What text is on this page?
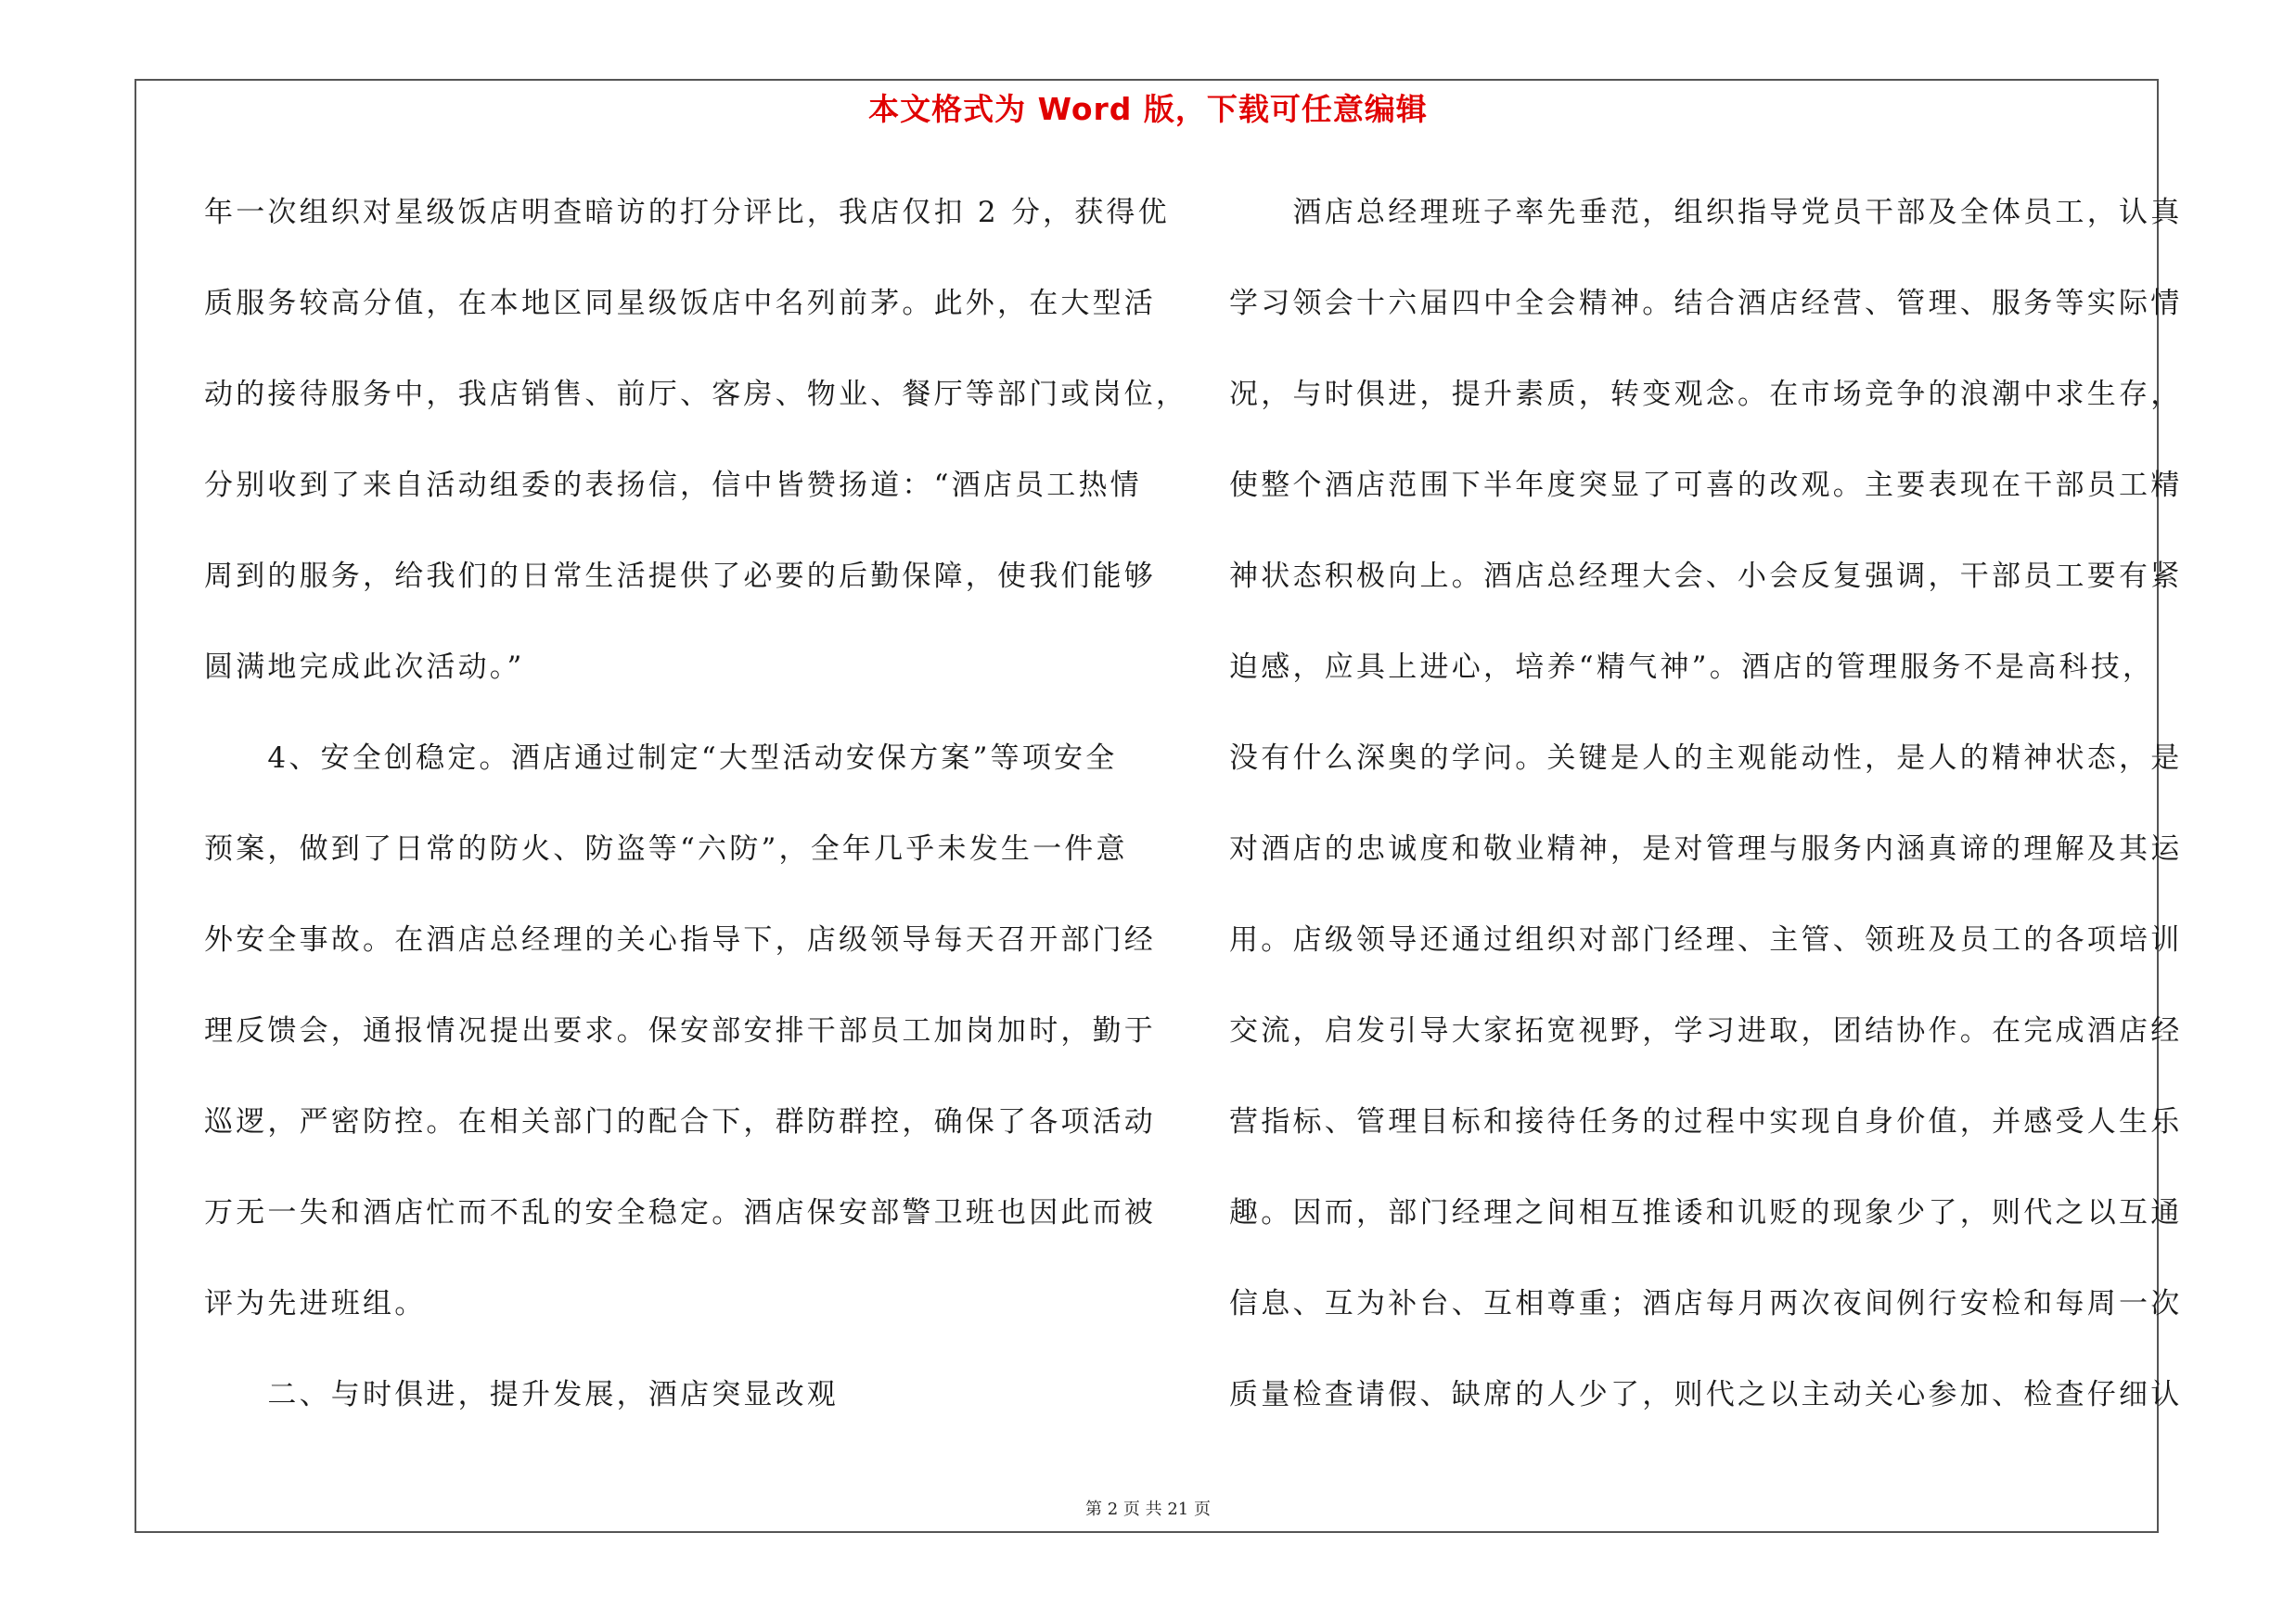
本文格式为 Word 版，下载可任意编辑
年一次组织对星级饭店明查暗访的打分评比，我店仅扣 2 分，获得优
质服务较高分值，在本地区同星级饭店中名列前茅。此外，在大型活
动的接待服务中，我店销售、前厅、客房、物业、餐厅等部门或岗位，
分别收到了来自活动组委的表扬信，信中皆赞扬道：“酒店员工热情
周到的服务，给我们的日常生活提供了必要的后勤保障，使我们能够
圆满地完成此次活动。”
　　4、安全创稳定。酒店通过制定“大型活动安保方案”等项安全
预案，做到了日常的防火、防盗等“六防”，全年几乎未发生一件意
外安全事故。在酒店总经理的关心指导下，店级领导每天召开部门经
理反馈会，通报情况提出要求。保安部安排干部员工加岗加时，勤于
巡逻，严密防控。在相关部门的配合下，群防群控，确保了各项活动
万无一失和酒店忙而不乱的安全稳定。酒店保安部警卫班也因此而被
评为先进班组。
　　二、与时俱进，提升发展，酒店突显改观
　　酒店总经理班子率先垂范，组织指导党员干部及全体员工，认真
学习领会十六届四中全会精神。结合酒店经营、管理、服务等实际情
况，与时俱进，提升素质，转变观念。在市场竞争的浪潮中求生存，
使整个酒店范围下半年度突显了可喜的改观。主要表现在干部员工精
神状态积极向上。酒店总经理大会、小会反复强调，干部员工要有紧
迫感，应具上进心，培养“精气神”。酒店的管理服务不是高科技，
没有什么深奥的学问。关键是人的主观能动性，是人的精神状态，是
对酒店的忠诚度和敬业精神，是对管理与服务内涵真谛的理解及其运
用。店级领导还通过组织对部门经理、主管、领班及员工的各项培训
交流，启发引导大家拓宽视野，学习进取，团结协作。在完成酒店经
营指标、管理目标和接待任务的过程中实现自身价值，并感受人生乐
趣。因而，部门经理之间相互推诿和讥贬的现象少了，则代之以互通
信息、互为补台、互相尊重；酒店每月两次夜间例行安检和每周一次
质量检查请假、缺席的人少了，则代之以主动关心参加、检查仔细认
第 2 页 共 21 页
